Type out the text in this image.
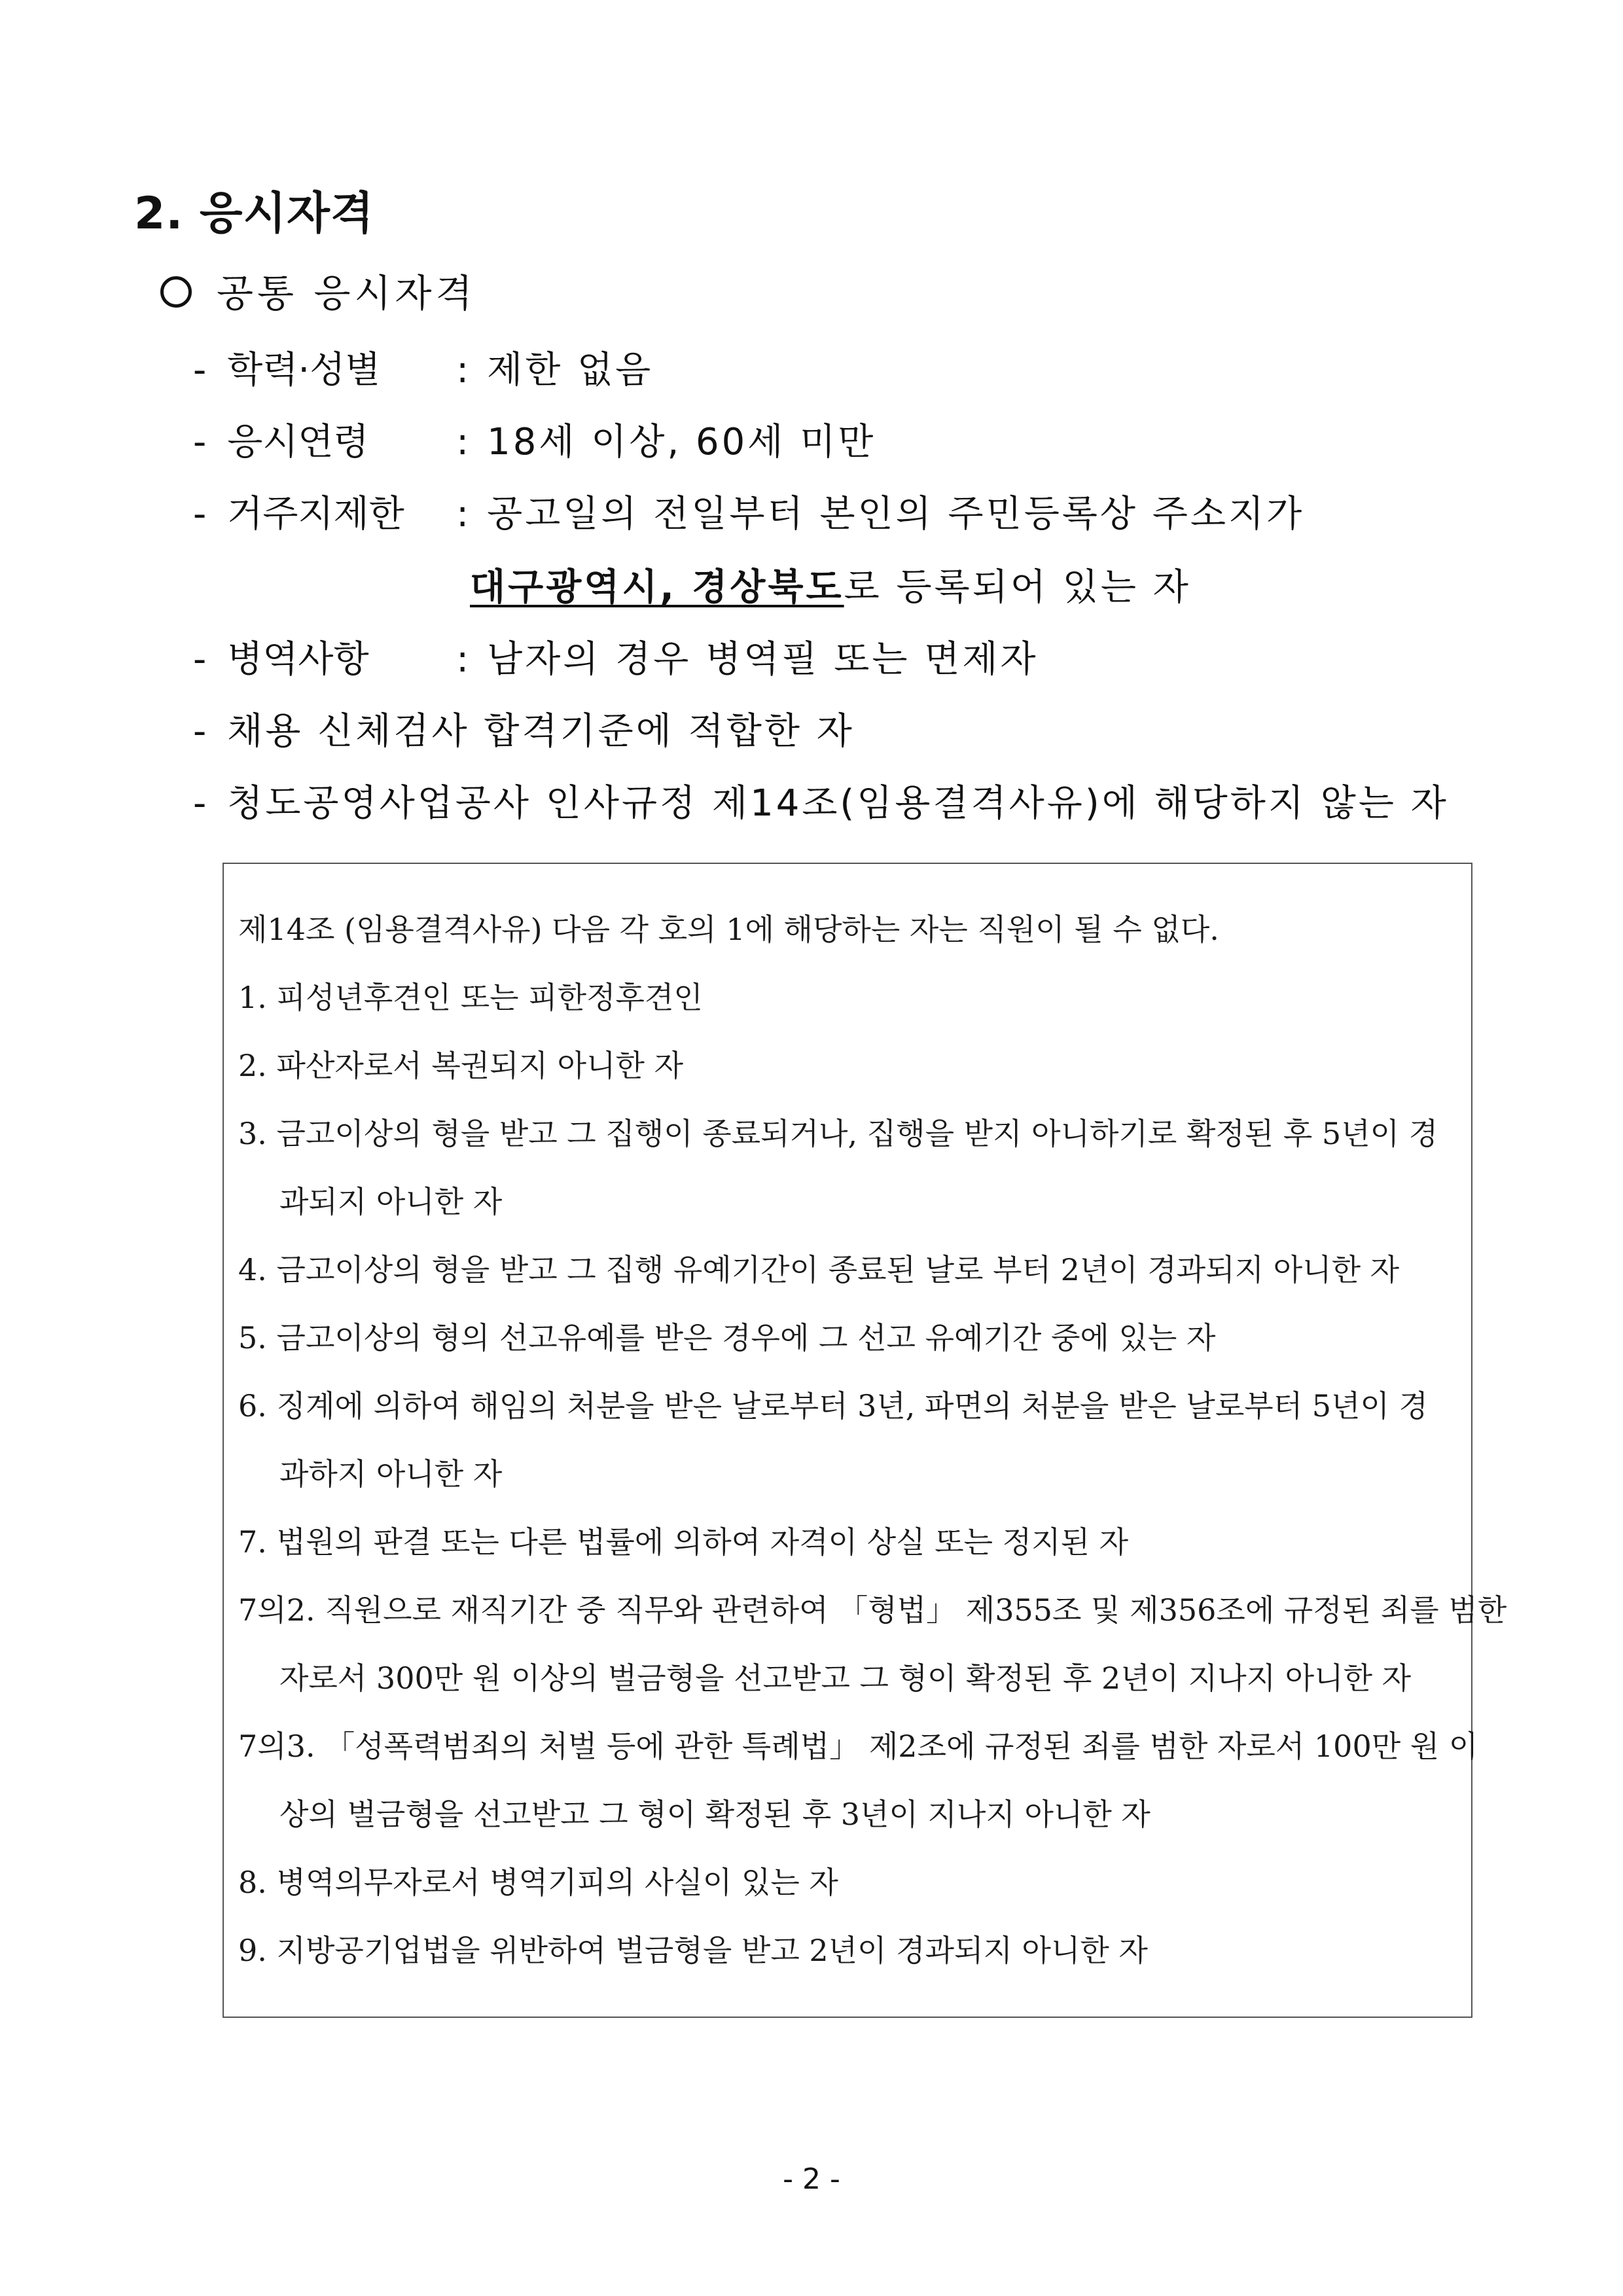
2. 응시자격
공통 응시자격
- 학력·성별 : 제한 없음
- 응시연령 : 18세 이상, 60세 미만
- 거주지제한 : 공고일의 전일부터 본인의 주민등록상 주소지가
대구광역시, 경상북도로 등록되어 있는 자
- 병역사항 : 남자의 경우 병역필 또는 면제자
- 채용 신체검사 합격기준에 적합한 자
- 청도공영사업공사 인사규정 제14조(임용결격사유)에 해당하지 않는 자
제14조 (임용결격사유) 다음 각 호의 1에 해당하는 자는 직원이 될 수 없다.
1. 피성년후견인 또는 피한정후견인
2. 파산자로서 복권되지 아니한 자
3. 금고이상의 형을 받고 그 집행이 종료되거나, 집행을 받지 아니하기로 확정된 후 5년이 경
과되지 아니한 자
4. 금고이상의 형을 받고 그 집행 유예기간이 종료된 날로 부터 2년이 경과되지 아니한 자
5. 금고이상의 형의 선고유예를 받은 경우에 그 선고 유예기간 중에 있는 자
6. 징계에 의하여 해임의 처분을 받은 날로부터 3년, 파면의 처분을 받은 날로부터 5년이 경
과하지 아니한 자
7. 법원의 판결 또는 다른 법률에 의하여 자격이 상실 또는 정지된 자
7의2. 직원으로 재직기간 중 직무와 관련하여 「형법」 제355조 및 제356조에 규정된 죄를 범한
자로서 300만 원 이상의 벌금형을 선고받고 그 형이 확정된 후 2년이 지나지 아니한 자
7의3. 「성폭력범죄의 처벌 등에 관한 특례법」 제2조에 규정된 죄를 범한 자로서 100만 원 이
상의 벌금형을 선고받고 그 형이 확정된 후 3년이 지나지 아니한 자
8. 병역의무자로서 병역기피의 사실이 있는 자
9. 지방공기업법을 위반하여 벌금형을 받고 2년이 경과되지 아니한 자
- 2 -
